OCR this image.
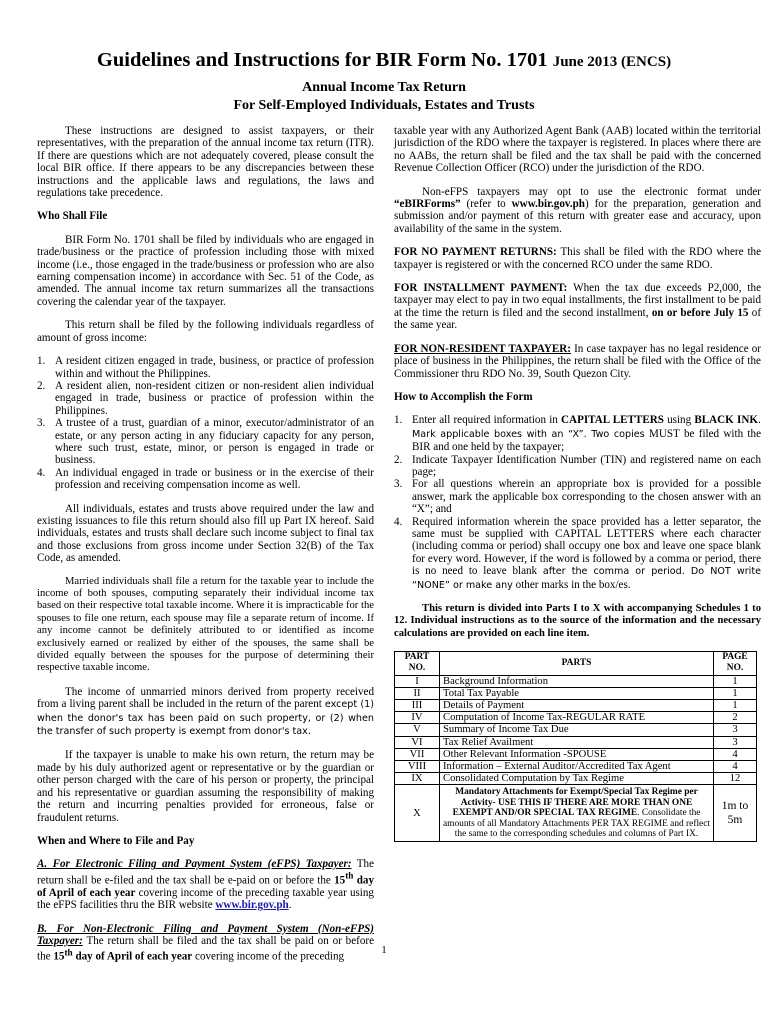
Guidelines and Instructions for BIR Form No. 1701 June 2013 (ENCS)
Annual Income Tax Return
For Self-Employed Individuals, Estates and Trusts

These instructions are designed to assist taxpayers, or their representatives, with the preparation of the annual income tax return (ITR). If there are questions which are not adequately covered, please consult the local BIR office. If there appears to be any discrepancies between these instructions and the applicable laws and regulations, the laws and regulations take precedence.

Who Shall File

BIR Form No. 1701 shall be filed by individuals who are engaged in trade/business or the practice of profession including those with mixed income (i.e., those engaged in the trade/business or profession who are also earning compensation income) in accordance with Sec. 51 of the Code, as amended. The annual income tax return summarizes all the transactions covering the calendar year of the taxpayer.

This return shall be filed by the following individuals regardless of amount of gross income:

1. A resident citizen engaged in trade, business, or practice of profession within and without the Philippines.
2. A resident alien, non-resident citizen or non-resident alien individual engaged in trade, business or practice of profession within the Philippines.
3. A trustee of a trust, guardian of a minor, executor/administrator of an estate, or any person acting in any fiduciary capacity for any person, where such trust, estate, minor, or person is engaged in trade or business.
4. An individual engaged in trade or business or in the exercise of their profession and receiving compensation income as well.

All individuals, estates and trusts above required under the law and existing issuances to file this return should also fill up Part IX hereof. Said individuals, estates and trusts shall declare such income subject to final tax and those exclusions from gross income under Section 32(B) of the Tax Code, as amended.

Married individuals shall file a return for the taxable year to include the income of both spouses, computing separately their individual income tax based on their respective total taxable income. Where it is impracticable for the spouses to file one return, each spouse may file a separate return of income. If any income cannot be definitely attributed to or identified as income exclusively earned or realized by either of the spouses, the same shall be divided equally between the spouses for the purpose of determining their respective taxable income.

The income of unmarried minors derived from property received from a living parent shall be included in the return of the parent except (1) when the donor's tax has been paid on such property, or (2) when the transfer of such property is exempt from donor's tax.

If the taxpayer is unable to make his own return, the return may be made by his duly authorized agent or representative or by the guardian or other person charged with the care of his person or property, the principal and his representative or guardian assuming the responsibility of making the return and incurring penalties provided for erroneous, false or fraudulent returns.

When and Where to File and Pay

A. For Electronic Filing and Payment System (eFPS) Taxpayer: The return shall be e-filed and the tax shall be e-paid on or before the 15th day of April of each year covering income of the preceding taxable year using the eFPS facilities thru the BIR website www.bir.gov.ph.

B. For Non-Electronic Filing and Payment System (Non-eFPS) Taxpayer: The return shall be filed and the tax shall be paid on or before the 15th day of April of each year covering income of the preceding

taxable year with any Authorized Agent Bank (AAB) located within the territorial jurisdiction of the RDO where the taxpayer is registered. In places where there are no AABs, the return shall be filed and the tax shall be paid with the concerned Revenue Collection Officer (RCO) under the jurisdiction of the RDO.

Non-eFPS taxpayers may opt to use the electronic format under “eBIRForms” (refer to www.bir.gov.ph) for the preparation, generation and submission and/or payment of this return with greater ease and accuracy, upon availability of the same in the system.

FOR NO PAYMENT RETURNS: This shall be filed with the RDO where the taxpayer is registered or with the concerned RCO under the same RDO.

FOR INSTALLMENT PAYMENT: When the tax due exceeds P2,000, the taxpayer may elect to pay in two equal installments, the first installment to be paid at the time the return is filed and the second installment, on or before July 15 of the same year.

FOR NON-RESIDENT TAXPAYER: In case taxpayer has no legal residence or place of business in the Philippines, the return shall be filed with the Office of the Commissioner thru RDO No. 39, South Quezon City.

How to Accomplish the Form
1. Enter all required information in CAPITAL LETTERS using BLACK INK. Mark applicable boxes with an “X”. Two copies MUST be filed with the BIR and one held by the taxpayer;
2. Indicate Taxpayer Identification Number (TIN) and registered name on each page;
3. For all questions wherein an appropriate box is provided for a possible answer, mark the applicable box corresponding to the chosen answer with an “X”; and
4. Required information wherein the space provided has a letter separator, the same must be supplied with CAPITAL LETTERS where each character (including comma or period) shall occupy one box and leave one space blank for every word. However, if the word is followed by a comma or period, there is no need to leave blank after the comma or period. Do NOT write “NONE” or make any other marks in the box/es.

This return is divided into Parts I to X with accompanying Schedules 1 to 12. Individual instructions as to the source of the information and the necessary calculations are provided on each line item.

PART NO.	PARTS	PAGE NO.
I	Background Information	1
II	Total Tax Payable	1
III	Details of Payment	1
IV	Computation of Income Tax-REGULAR RATE	2
V	Summary of Income Tax Due	3
VI	Tax Relief Availment	3
VII	Other Relevant Information -SPOUSE	4
VIII	Information – External Auditor/Accredited Tax Agent	4
IX	Consolidated Computation by Tax Regime	12
X	Mandatory Attachments for Exempt/Special Tax Regime per Activity- USE THIS IF THERE ARE MORE THAN ONE EXEMPT AND/OR SPECIAL TAX REGIME. Consolidate the amounts of all Mandatory Attachments PER TAX REGIME and reflect the same to the corresponding schedules and columns of Part IX.	1m to 5m
1
